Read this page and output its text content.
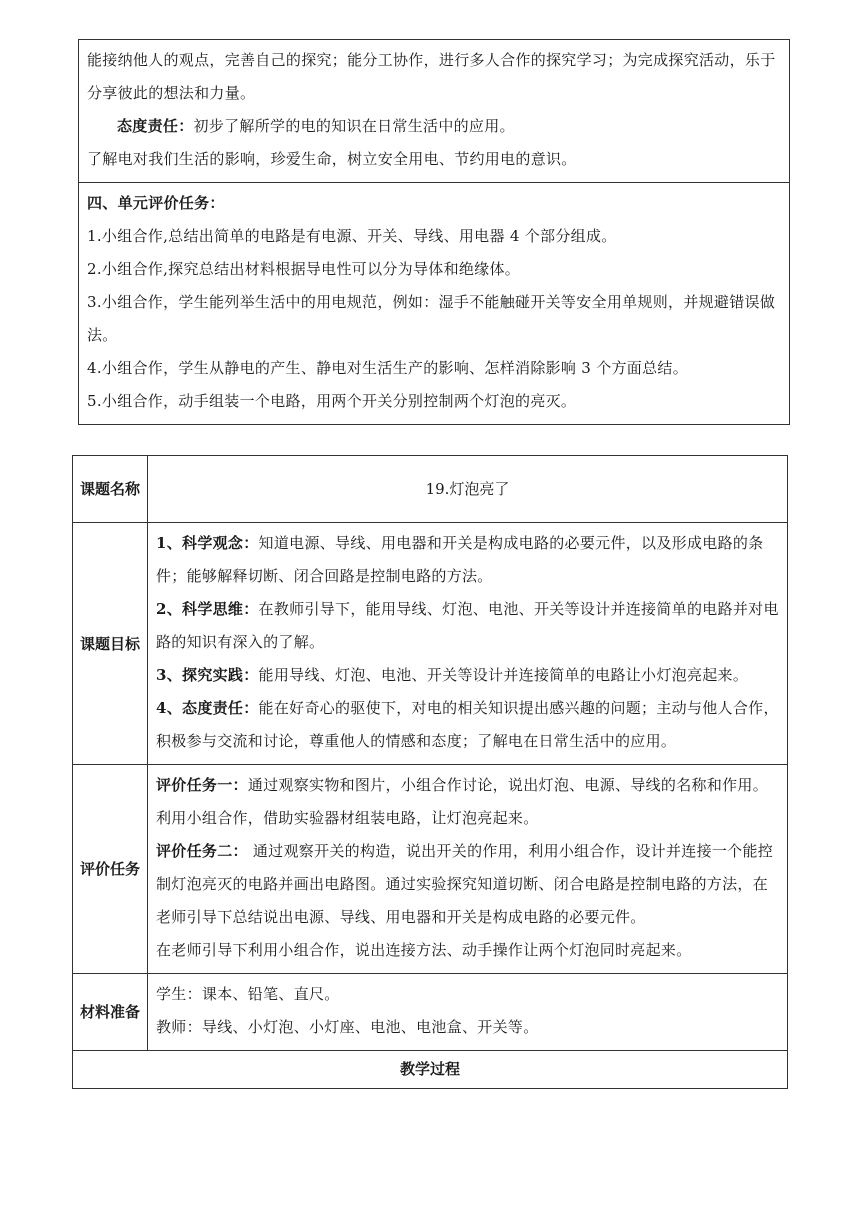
能接纳他人的观点，完善自己的探究；能分工协作，进行多人合作的探究学习；为完成探究活动，乐于分享彼此的想法和力量。

态度责任：初步了解所学的电的知识在日常生活中的应用。

了解电对我们生活的影响，珍爱生命，树立安全用电、节约用电的意识。

四、单元评价任务：

1.小组合作,总结出简单的电路是有电源、开关、导线、用电器 4 个部分组成。

2.小组合作,探究总结出材料根据导电性可以分为导体和绝缘体。

3.小组合作，学生能列举生活中的用电规范，例如：湿手不能触碰开关等安全用单规则，并规避错误做法。

4.小组合作，学生从静电的产生、静电对生活生产的影响、怎样消除影响 3 个方面总结。

5.小组合作，动手组装一个电路，用两个开关分别控制两个灯泡的亮灭。

课题名称	19.灯泡亮了
课题目标	1、科学观念：知道电源、导线、用电器和开关是构成电路的必要元件，以及形成电路的条件；能够解释切断、闭合回路是控制电路的方法。

2、科学思维：在教师引导下，能用导线、灯泡、电池、开关等设计并连接简单的电路并对电路的知识有深入的了解。

3、探究实践：能用导线、灯泡、电池、开关等设计并连接简单的电路让小灯泡亮起来。

4、态度责任：能在好奇心的驱使下，对电的相关知识提出感兴趣的问题；主动与他人合作，积极参与交流和讨论，尊重他人的情感和态度；了解电在日常生活中的应用。

评价任务	评价任务一：通过观察实物和图片，小组合作讨论，说出灯泡、电源、导线的名称和作用。利用小组合作，借助实验器材组装电路，让灯泡亮起来。

评价任务二： 通过观察开关的构造，说出开关的作用，利用小组合作，设计并连接一个能控制灯泡亮灭的电路并画出电路图。通过实验探究知道切断、闭合电路是控制电路的方法，在老师引导下总结说出电源、导线、用电器和开关是构成电路的必要元件。

在老师引导下利用小组合作，说出连接方法、动手操作让两个灯泡同时亮起来。

材料准备	学生：课本、铅笔、直尺。

教师：导线、小灯泡、小灯座、电池、电池盒、开关等。

教学过程	
